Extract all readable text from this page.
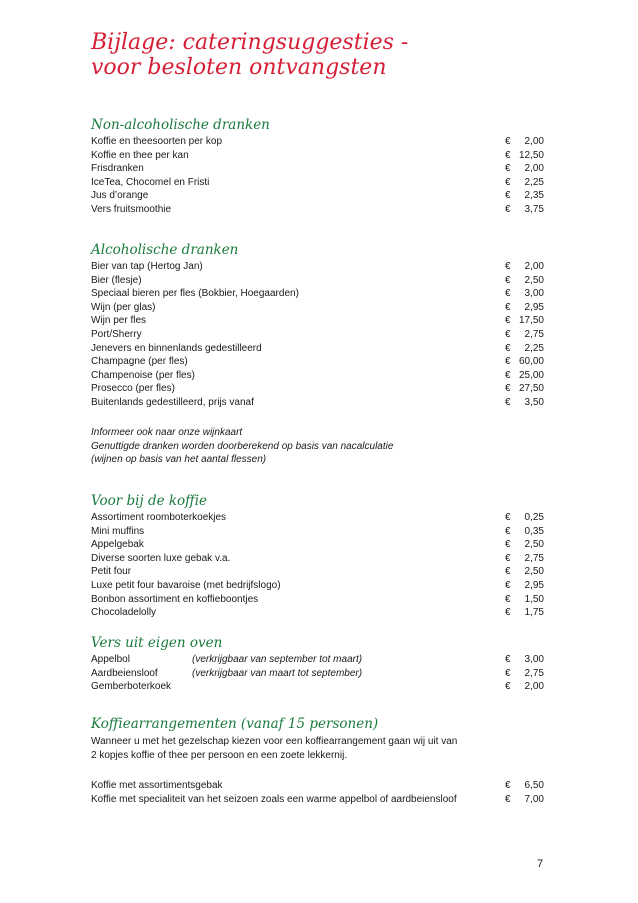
Bijlage: cateringsuggesties -
voor besloten ontvangsten
Non-alcoholische dranken
Koffie en theesoorten per kop	€ 2,00
Koffie en thee per kan	€ 12,50
Frisdranken	€ 2,00
IceTea, Chocomel en Fristi	€ 2,25
Jus d’orange	€ 2,35
Vers fruitsmoothie	€ 3,75
Alcoholische dranken
Bier van tap (Hertog Jan)	€ 2,00
Bier (flesje)	€ 2,50
Speciaal bieren per fles (Bokbier, Hoegaarden)	€ 3,00
Wijn (per glas)	€ 2,95
Wijn per fles	€ 17,50
Port/Sherry	€ 2,75
Jenevers en binnenlands gedestilleerd	€ 2,25
Champagne (per fles)	€ 60,00
Champenoise (per fles)	€ 25,00
Prosecco (per fles)	€ 27,50
Buitenlands gedestilleerd, prijs vanaf	€ 3,50
Informeer ook naar onze wijnkaart
Genuttigde dranken worden doorberekend op basis van nacalculatie
(wijnen op basis van het aantal flessen)
Voor bij de koffie
Assortiment roomboterkoekjes	€ 0,25
Mini muffins	€ 0,35
Appelgebak	€ 2,50
Diverse soorten luxe gebak v.a.	€ 2,75
Petit four	€ 2,50
Luxe petit four bavaroise (met bedrijfslogo)	€ 2,95
Bonbon assortiment en koffieboontjes	€ 1,50
Chocoladelolly	€ 1,75
Vers uit eigen oven
Appelbol	(verkrijgbaar van september tot maart)	€ 3,00
Aardbeiensloof	(verkrijgbaar van maart tot september)	€ 2,75
Gemberboterkoek	€ 2,00
Koffiearrangementen (vanaf 15 personen)
Wanneer u met het gezelschap kiezen voor een koffiearrangement gaan wij uit van
2 kopjes koffie of thee per persoon en een zoete lekkernij.
Koffie met assortimentsgebak	€ 6,50
Koffie met specialiteit van het seizoen zoals een warme appelbol of aardbeiensloof	€ 7,00
7
